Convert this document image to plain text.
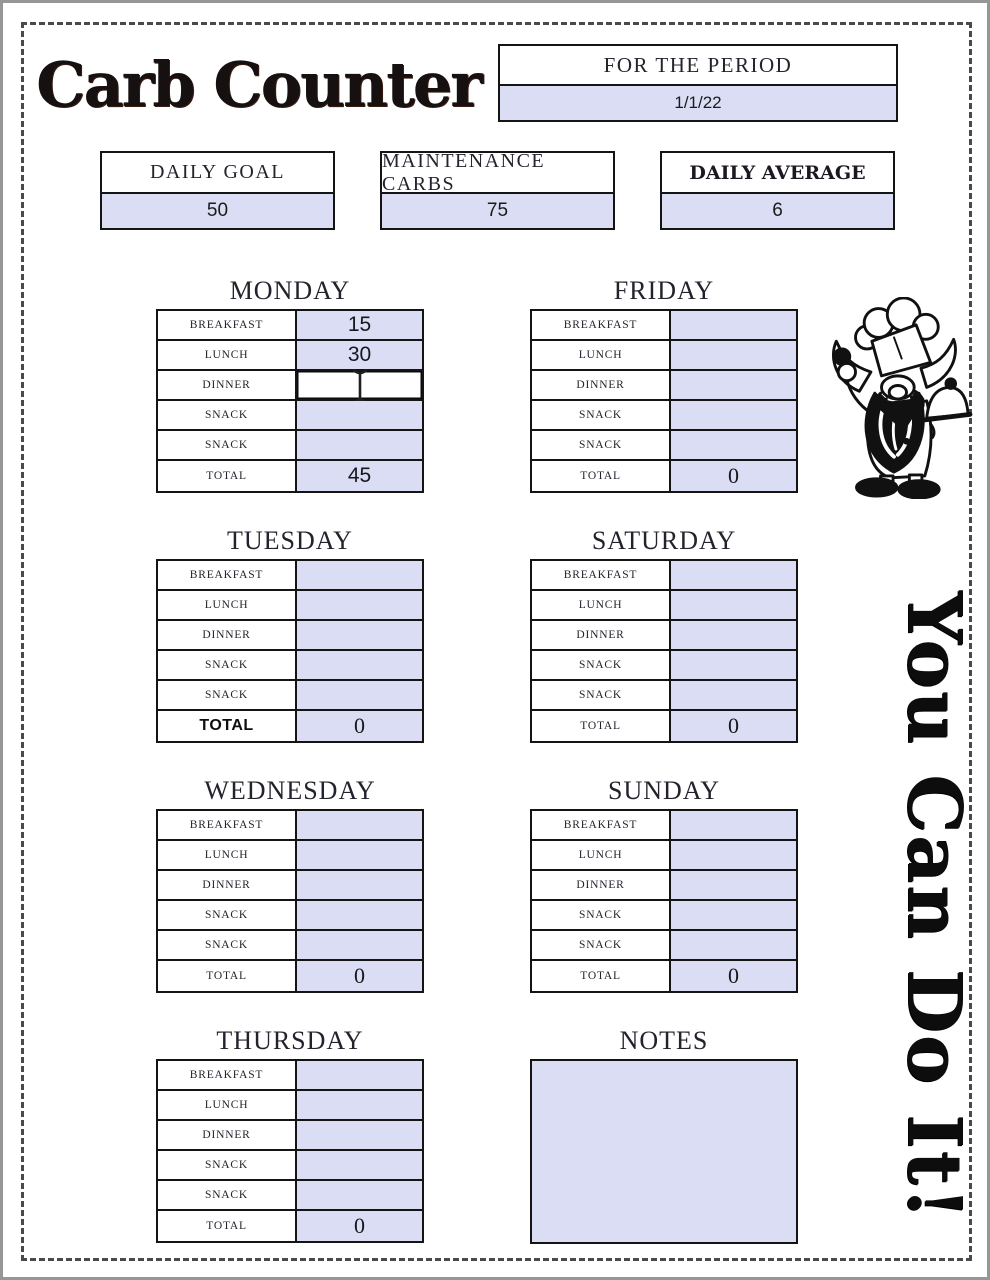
Carb Counter	FOR THE PERIOD
1/1/22
DAILY GOAL
50
MAINTENANCE CARBS
75
DAILY AVERAGE
6
MONDAY
BREAKFAST	15
LUNCH	30
DINNER
SNACK
SNACK
TOTAL	45
FRIDAY
BREAKFAST
LUNCH
DINNER
SNACK
SNACK
TOTAL	0
TUESDAY
BREAKFAST
LUNCH
DINNER
SNACK
SNACK
TOTAL	0
SATURDAY
BREAKFAST
LUNCH
DINNER
SNACK
SNACK
TOTAL	0
WEDNESDAY
BREAKFAST
LUNCH
DINNER
SNACK
SNACK
TOTAL	0
SUNDAY
BREAKFAST
LUNCH
DINNER
SNACK
SNACK
TOTAL	0
THURSDAY
BREAKFAST
LUNCH
DINNER
SNACK
SNACK
TOTAL	0
NOTES	You Can Do It!
